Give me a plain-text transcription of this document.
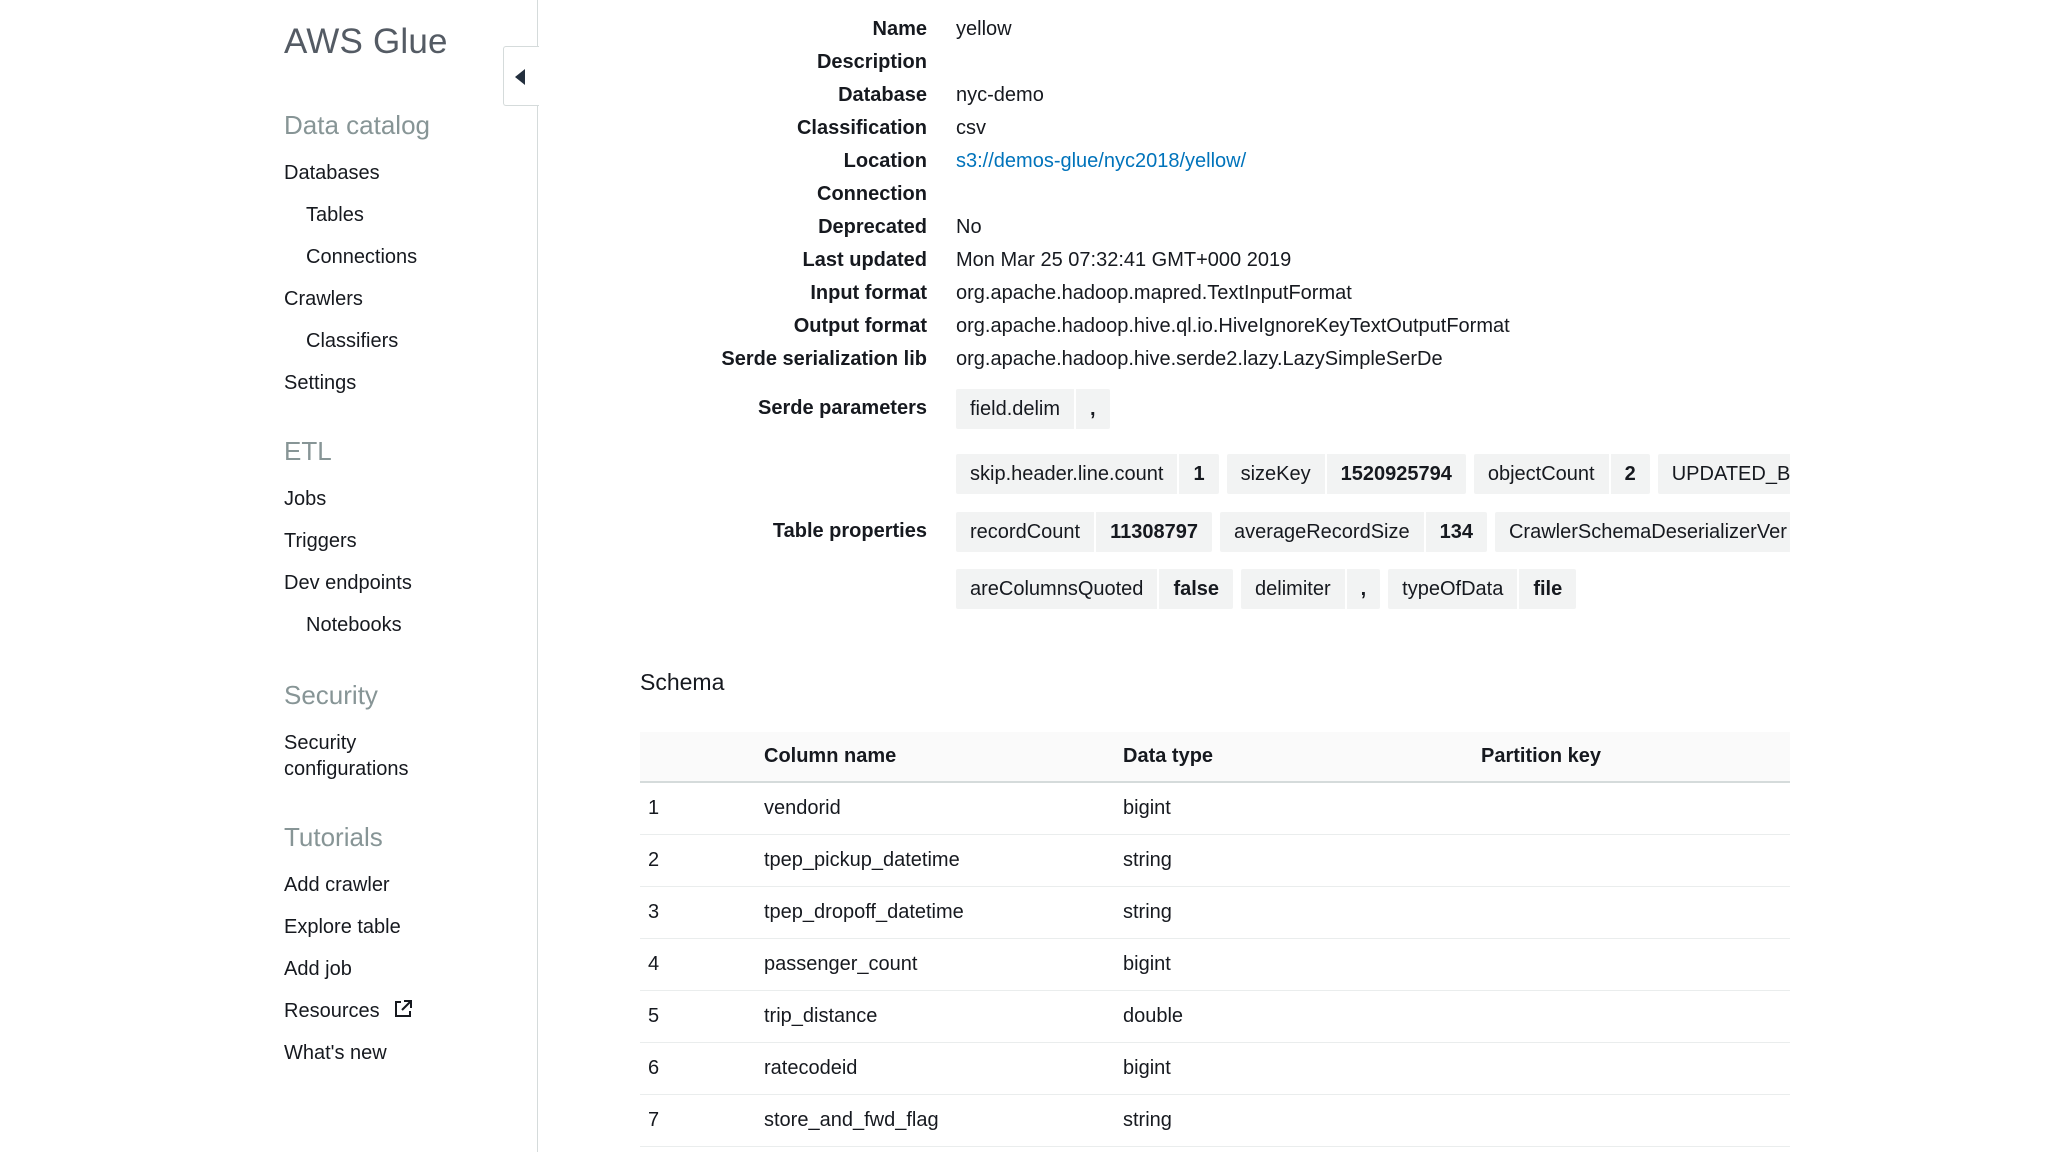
AWS Glue
Data catalog
Databases
Tables
Connections
Crawlers
Classifiers
Settings
ETL
Jobs
Triggers
Dev endpoints
Notebooks
Security
Security
configurations
Tutorials
Add crawler
Explore table
Add job
Resources
What's new
Name yellow
Description
Database nyc-demo
Classification csv
Location s3://demos-glue/nyc2018/yellow/
Connection
Deprecated No
Last updated Mon Mar 25 07:32:41 GMT+000 2019
Input format org.apache.hadoop.mapred.TextInputFormat
Output format org.apache.hadoop.hive.ql.io.HiveIgnoreKeyTextOutputFormat
Serde serialization lib org.apache.hadoop.hive.serde2.lazy.LazySimpleSerDe
Serde parameters	field.delim	,
skip.header.line.count	1	sizeKey	1520925794	objectCount	2	UPDATED_B
Table properties	recordCount	11308797	averageRecordSize	134	CrawlerSchemaDeserializerVer
areColumnsQuoted	false	delimiter	,	typeOfData	file
Schema
	Column name	Data type	Partition key
1	vendorid	bigint	
2	tpep_pickup_datetime	string	
3	tpep_dropoff_datetime	string	
4	passenger_count	bigint	
5	trip_distance	double	
6	ratecodeid	bigint	
7	store_and_fwd_flag	string	
